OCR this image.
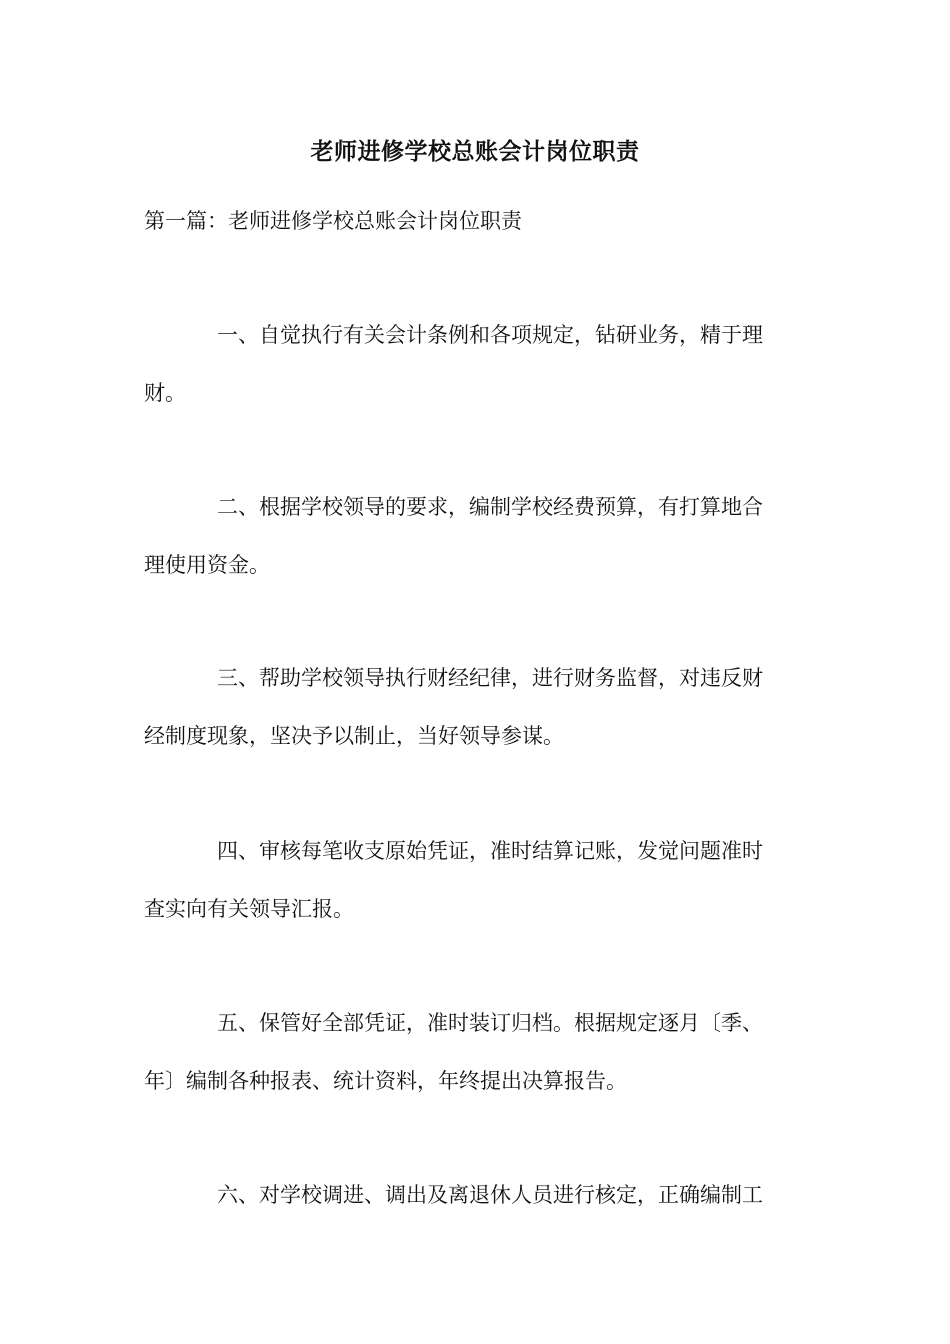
老师进修学校总账会计岗位职责

第一篇：老师进修学校总账会计岗位职责

一、自觉执行有关会计条例和各项规定，钻研业务，精于理
财。

二、根据学校领导的要求，编制学校经费预算，有打算地合
理使用资金。

三、帮助学校领导执行财经纪律，进行财务监督，对违反财
经制度现象，坚决予以制止，当好领导参谋。

四、审核每笔收支原始凭证，准时结算记账，发觉问题准时
查实向有关领导汇报。

五、保管好全部凭证，准时装订归档。根据规定逐月〔季、
年〕编制各种报表、统计资料，年终提出决算报告。

六、对学校调进、调出及离退休人员进行核定，正确编制工
